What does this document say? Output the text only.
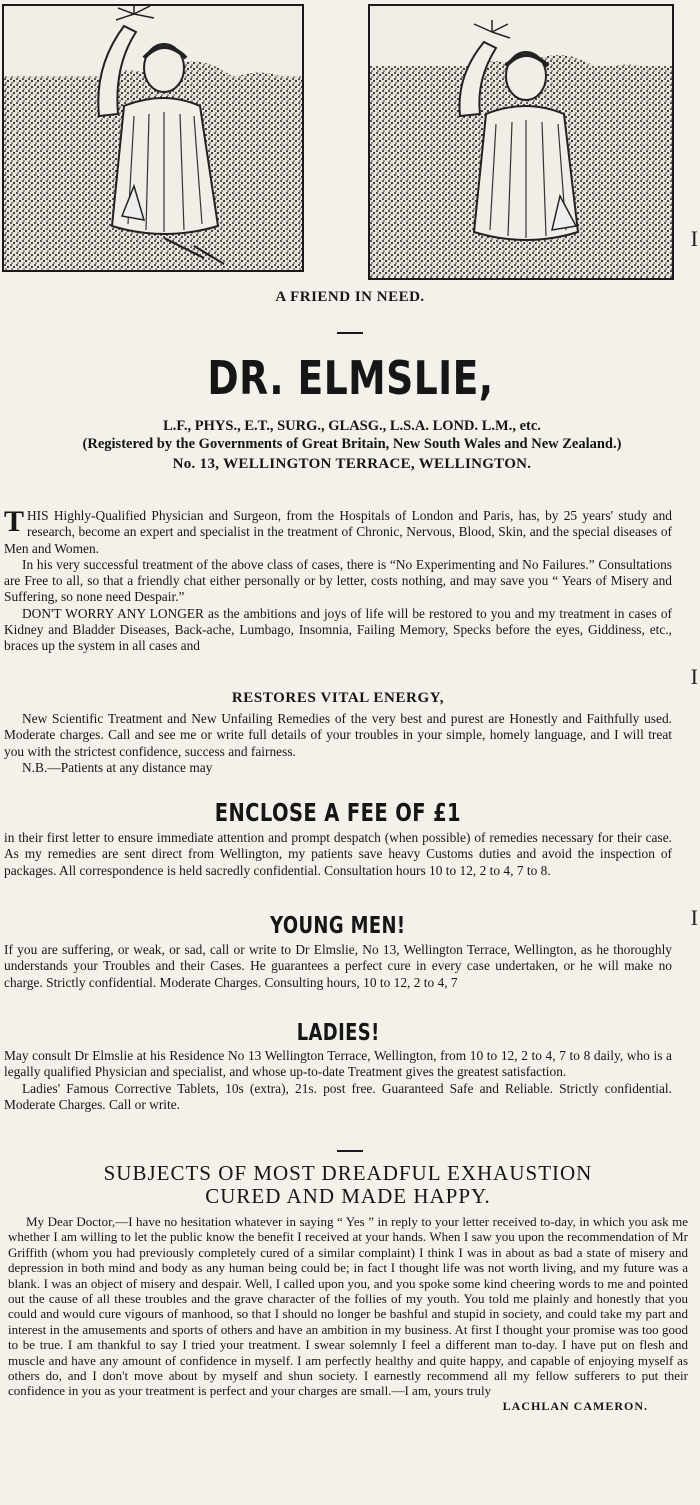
I
I
I
A FRIEND IN NEED.
DR. ELMSLIE,
L.F., PHYS., E.T., SURG., GLASG., L.S.A. LOND. L.M., etc.
(Registered by the Governments of Great Britain, New South Wales and New Zealand.)
No. 13, WELLINGTON TERRACE, WELLINGTON.

THIS Highly-Qualified Physician and Surgeon, from the Hospitals of London and Paris, has, by 25 years' study and research, become an expert and specialist in the treatment of Chronic, Nervous, Blood, Skin, and the special diseases of Men and Women.

In his very successful treatment of the above class of cases, there is “No Experimenting and No Failures.” Consultations are Free to all, so that a friendly chat either personally or by letter, costs nothing, and may save you “ Years of Misery and Suffering, so none need Despair.”

DON'T WORRY ANY LONGER as the ambitions and joys of life will be restored to you and my treatment in cases of Kidney and Bladder Diseases, Back-ache, Lumbago, Insomnia, Failing Memory, Specks before the eyes, Giddiness, etc., braces up the system in all cases and

RESTORES VITAL ENERGY,

New Scientific Treatment and New Unfailing Remedies of the very best and purest are Honestly and Faithfully used. Moderate charges. Call and see me or write full details of your troubles in your simple, homely language, and I will treat you with the strictest confidence, success and fairness.

N.B.—Patients at any distance may

ENCLOSE A FEE OF £1

in their first letter to ensure immediate attention and prompt despatch (when possible) of remedies necessary for their case. As my remedies are sent direct from Wellington, my patients save heavy Customs duties and avoid the inspection of packages. All correspondence is held sacredly confidential. Consultation hours 10 to 12, 2 to 4, 7 to 8.

YOUNG MEN!

If you are suffering, or weak, or sad, call or write to Dr Elmslie, No 13, Wellington Terrace, Wellington, as he thoroughly understands your Troubles and their Cases. He guarantees a perfect cure in every case undertaken, or he will make no charge. Strictly confidential. Moderate Charges. Consulting hours, 10 to 12, 2 to 4, 7

LADIES!

May consult Dr Elmslie at his Residence No 13 Wellington Terrace, Wellington, from 10 to 12, 2 to 4, 7 to 8 daily, who is a legally qualified Physician and specialist, and whose up-to-date Treatment gives the greatest satisfaction.

Ladies' Famous Corrective Tablets, 10s (extra), 21s. post free. Guaranteed Safe and Reliable. Strictly confidential. Moderate Charges. Call or write.

SUBJECTS OF MOST DREADFUL EXHAUSTION
CURED AND MADE HAPPY.

My Dear Doctor,—I have no hesitation whatever in saying “ Yes ” in reply to your letter received to-day, in which you ask me whether I am willing to let the public know the benefit I received at your hands. When I saw you upon the recommendation of Mr Griffith (whom you had previously completely cured of a similar complaint) I think I was in about as bad a state of misery and depression in both mind and body as any human being could be; in fact I thought life was not worth living, and my future was a blank. I was an object of misery and despair. Well, I called upon you, and you spoke some kind cheering words to me and pointed out the cause of all these troubles and the grave character of the follies of my youth. You told me plainly and honestly that you could and would cure vigours of manhood, so that I should no longer be bashful and stupid in society, and could take my part and interest in the amusements and sports of others and have an ambition in my business. At first I thought your promise was too good to be true. I am thankful to say I tried your treatment. I swear solemnly I feel a different man to-day. I have put on flesh and muscle and have any amount of confidence in myself. I am perfectly healthy and quite happy, and capable of enjoying myself as others do, and I don't move about by myself and shun society. I earnestly recommend all my fellow sufferers to put their confidence in you as your treatment is perfect and your charges are small.—I am, yours truly

LACHLAN CAMERON.
